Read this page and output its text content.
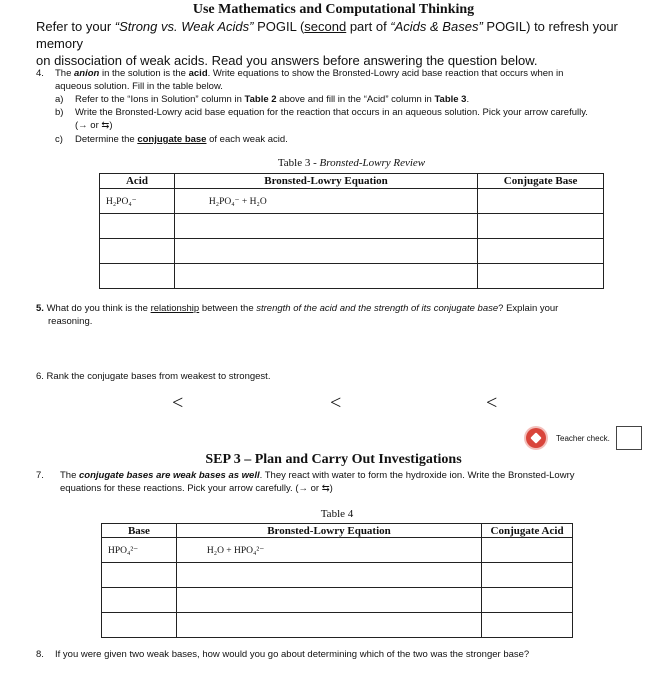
Use Mathematics and Computational Thinking
Refer to your “Strong vs. Weak Acids” POGIL (second part of “Acids & Bases” POGIL) to refresh your memory
on dissociation of weak acids. Read you answers before answering the question below.
4. The anion in the solution is the acid. Write equations to show the Bronsted-Lowry acid base reaction that occurs when in
aqueous solution. Fill in the table below.
a) Refer to the “Ions in Solution” column in Table 2 above and fill in the “Acid” column in Table 3.
b) Write the Bronsted-Lowry acid base equation for the reaction that occurs in an aqueous solution. Pick your arrow carefully.
(→ or ⇆)
c) Determine the conjugate base of each weak acid.
Table 3 - Bronsted-Lowry Review
Acid	Bronsted-Lowry Equation	Conjugate Base
H₂PO₄⁻	H₂PO₄⁻ + H₂O	

5. What do you think is the relationship between the strength of the acid and the strength of its conjugate base? Explain your
reasoning.
6. Rank the conjugate bases from weakest to strongest.
<	<	<
Teacher check.
SEP 3 – Plan and Carry Out Investigations
7. The conjugate bases are weak bases as well. They react with water to form the hydroxide ion. Write the Bronsted-Lowry
equations for these reactions. Pick your arrow carefully. (→ or ⇆)
Table 4
Base	Bronsted-Lowry Equation	Conjugate Acid
HPO₄²⁻	H₂O + HPO₄²⁻	

8. If you were given two weak bases, how would you go about determining which of the two was the stronger base?
